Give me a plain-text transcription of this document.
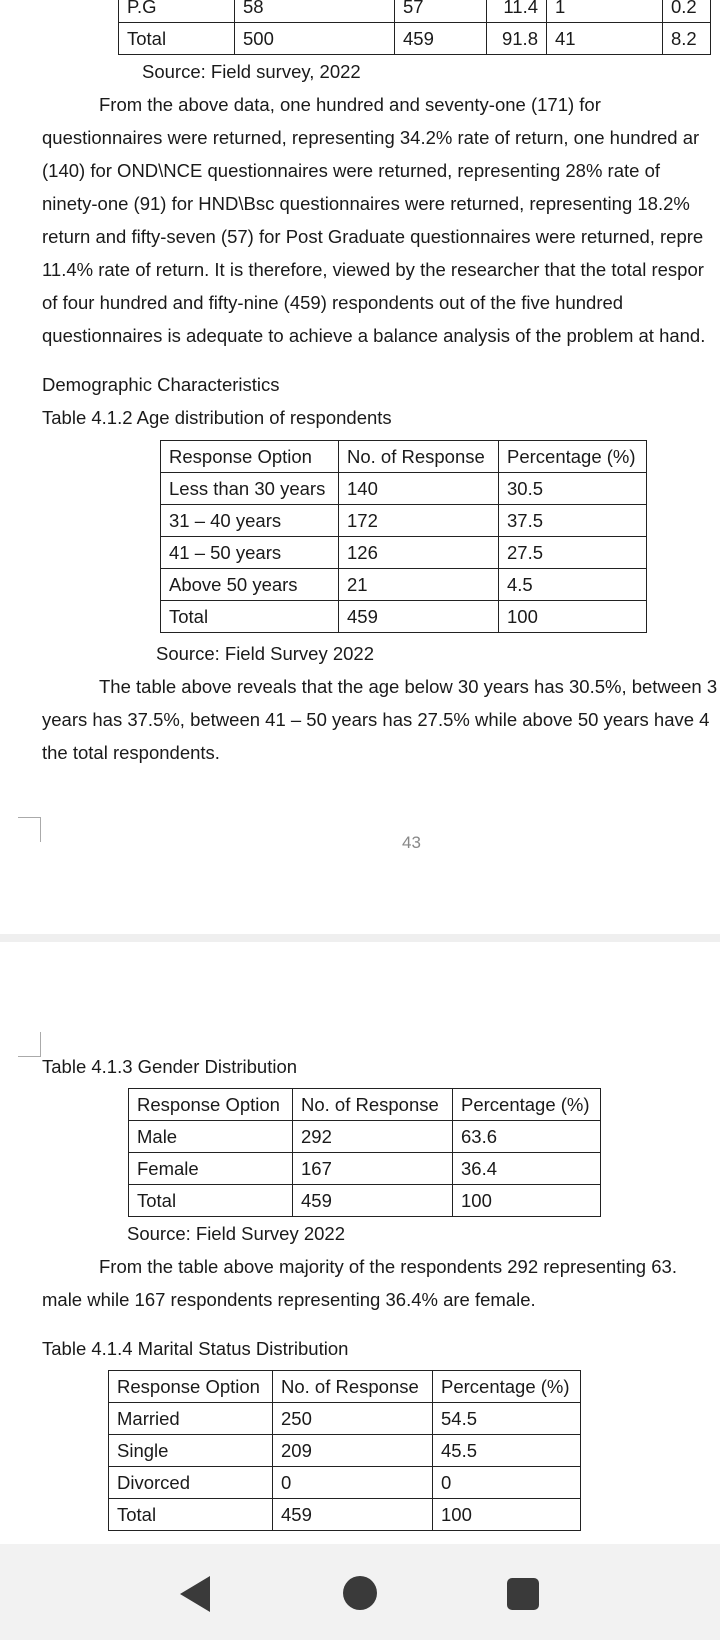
P.G	58	57	11.4	1	0.2
Total	500	459	91.8	41	8.2
Source: Field survey, 2022
From the above data, one hundred and seventy-one (171) for
questionnaires were returned, representing 34.2% rate of return, one hundred ar
(140) for OND\NCE questionnaires were returned, representing 28% rate of
ninety-one (91) for HND\Bsc questionnaires were returned, representing 18.2%
return and fifty-seven (57) for Post Graduate questionnaires were returned, repre
11.4% rate of return. It is therefore, viewed by the researcher that the total respor
of four hundred and fifty-nine (459) respondents out of the five hundred
questionnaires is adequate to achieve a balance analysis of the problem at hand.
Demographic Characteristics
Table 4.1.2 Age distribution of respondents
Response Option	No. of Response	Percentage (%)
Less than 30 years	140	30.5
31 – 40 years	172	37.5
41 – 50 years	126	27.5
Above 50 years	21	4.5
Total	459	100
Source: Field Survey 2022
The table above reveals that the age below 30 years has 30.5%, between 3
years has 37.5%, between 41 – 50 years has 27.5% while above 50 years have 4
the total respondents.
43
Table 4.1.3 Gender Distribution
Response Option	No. of Response	Percentage (%)
Male	292	63.6
Female	167	36.4
Total	459	100
Source: Field Survey 2022
From the table above majority of the respondents 292 representing 63.
male while 167 respondents representing 36.4% are female.
Table 4.1.4 Marital Status Distribution
Response Option	No. of Response	Percentage (%)
Married	250	54.5
Single	209	45.5
Divorced	0	0
Total	459	100
